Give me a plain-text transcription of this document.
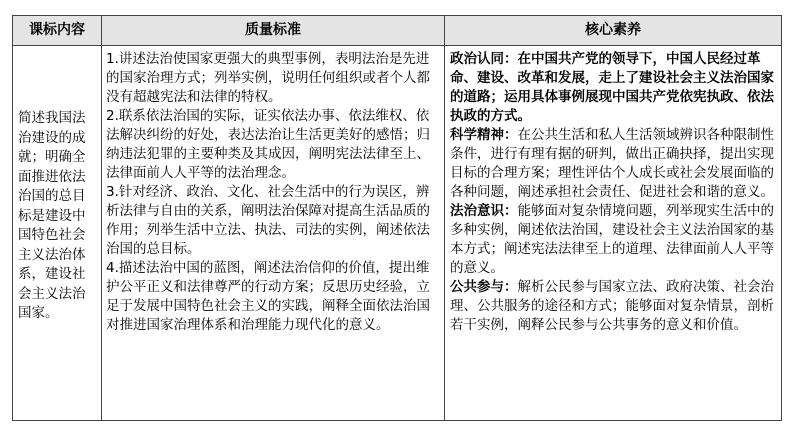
课标内容	质量标准	核心素养
简述我国法治建设的成就；明确全面推进依法治国的总目标是建设中国特色社会主义法治体系，建设社会主义法治国家。

1.讲述法治使国家更强大的典型事例，表明法治是先进的国家治理方式；列举实例，说明任何组织或者个人都没有超越宪法和法律的特权。

2.联系依法治国的实际，证实依法办事、依法维权、依法解决纠纷的好处，表达法治让生活更美好的感悟；归纳违法犯罪的主要种类及其成因，阐明宪法法律至上、法律面前人人平等的法治理念。

3.针对经济、政治、文化、社会生活中的行为误区，辨析法律与自由的关系，阐明法治保障对提高生活品质的作用；列举生活中立法、执法、司法的实例，阐述依法治国的总目标。

4.描述法治中国的蓝图，阐述法治信仰的价值，提出维护公平正义和法律尊严的行动方案；反思历史经验，立足于发展中国特色社会主义的实践，阐释全面依法治国对推进国家治理体系和治理能力现代化的意义。

政治认同：在中国共产党的领导下，中国人民经过革命、建设、改革和发展，走上了建设社会主义法治国家的道路；运用具体事例展现中国共产党依宪执政、依法执政的方式。

科学精神：在公共生活和私人生活领域辨识各种限制性条件，进行有理有据的研判，做出正确抉择，提出实现目标的合理方案；理性评估个人成长或社会发展面临的各种问题，阐述承担社会责任、促进社会和谐的意义。

法治意识：能够面对复杂情境问题，列举现实生活中的多种实例，阐述依法治国，建设社会主义法治国家的基本方式；阐述宪法法律至上的道理、法律面前人人平等的意义。

公共参与：解析公民参与国家立法、政府决策、社会治理、公共服务的途径和方式；能够面对复杂情景，剖析若干实例，阐释公民参与公共事务的意义和价值。
